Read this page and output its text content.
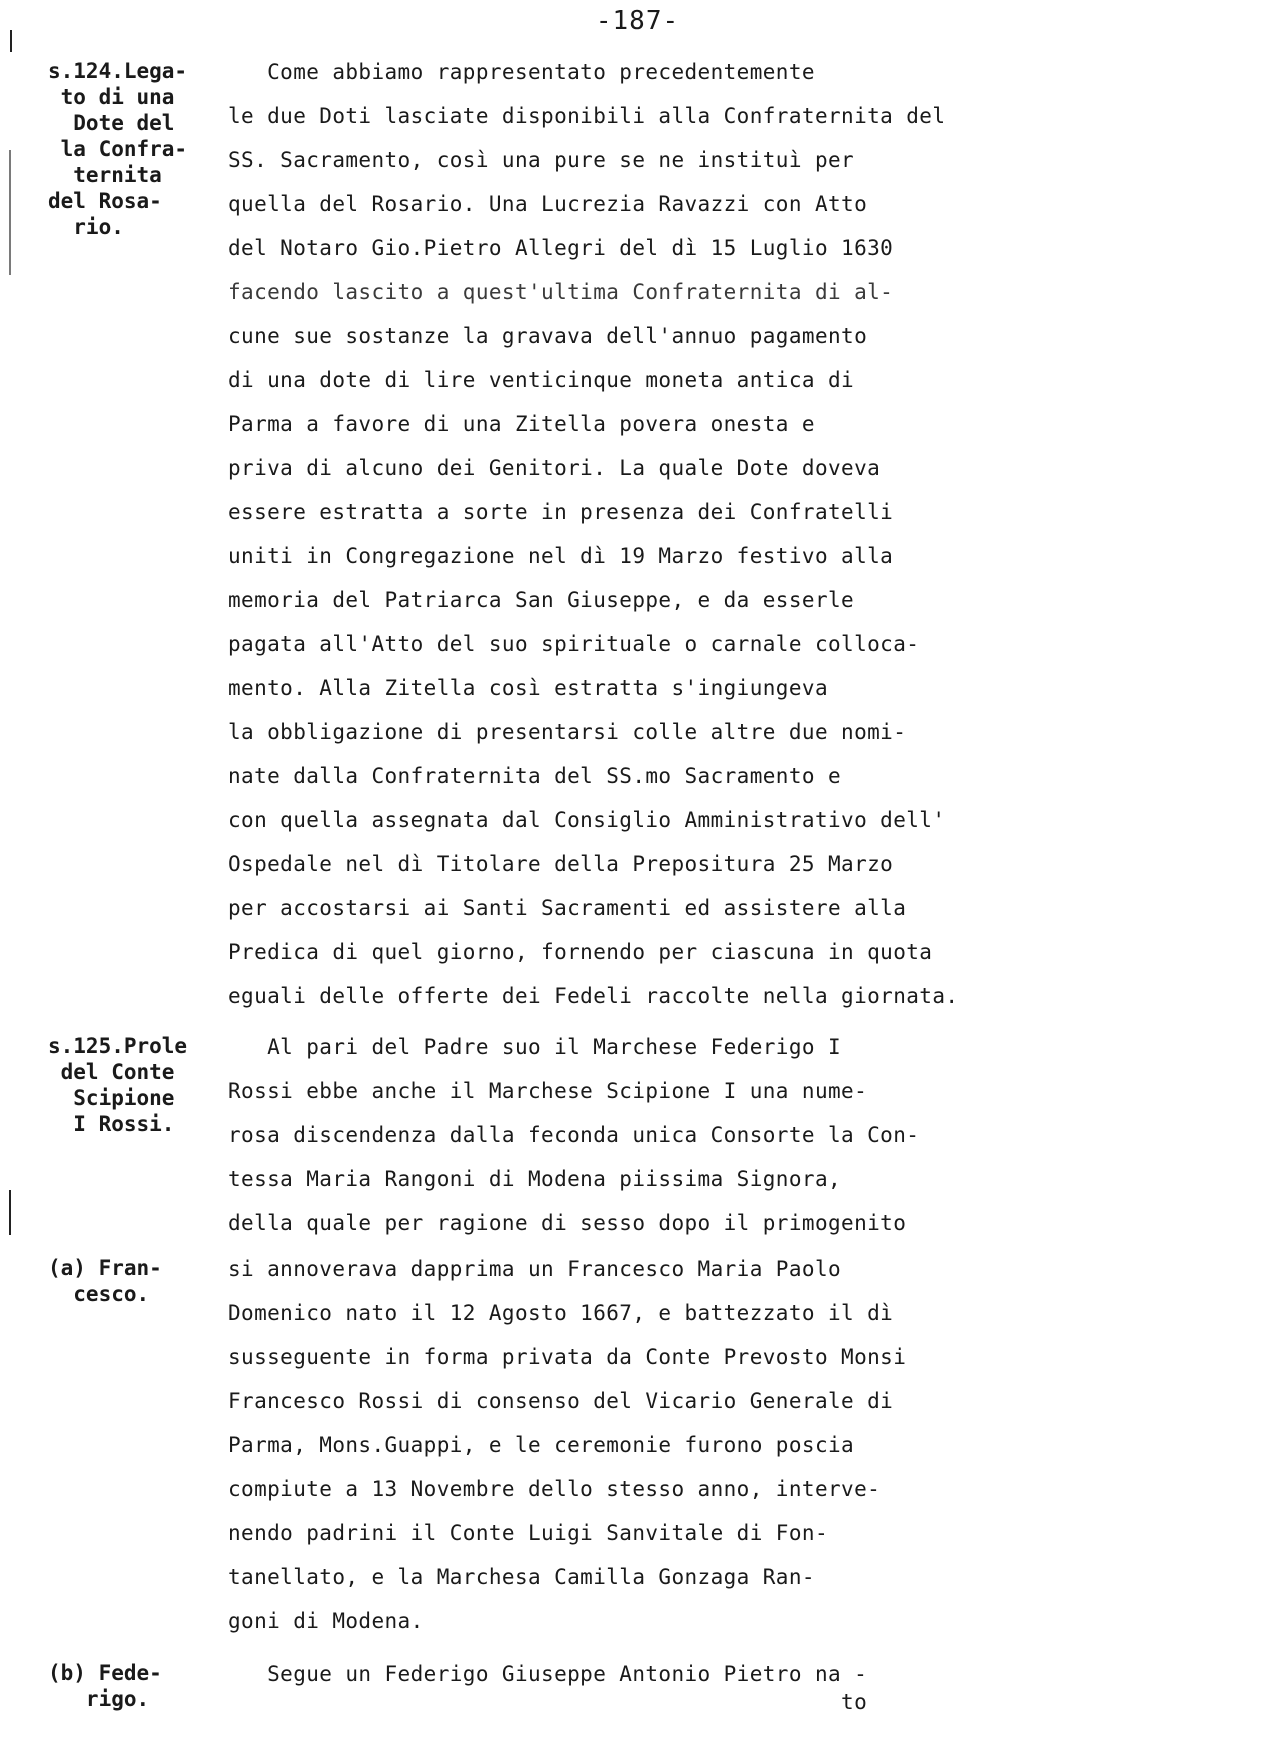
-187-
s.124.Lega-
to di una
Dote del
la Confra-
ternita
del Rosa-
rio.
s.125.Prole
del Conte
Scipione
I Rossi.
(a) Fran-
cesco.
(b) Fede-
rigo.
Come abbiamo rappresentato precedentemente
le due Doti lasciate disponibili alla Confraternita del
SS. Sacramento, così una pure se ne instituì per
quella del Rosario. Una Lucrezia Ravazzi con Atto
del Notaro Gio.Pietro Allegri del dì 15 Luglio 1630
facendo lascito a quest'ultima Confraternita di al-
cune sue sostanze la gravava dell'annuo pagamento
di una dote di lire venticinque moneta antica di
Parma a favore di una Zitella povera onesta e
priva di alcuno dei Genitori. La quale Dote doveva
essere estratta a sorte in presenza dei Confratelli
uniti in Congregazione nel dì 19 Marzo festivo alla
memoria del Patriarca San Giuseppe, e da esserle
pagata all'Atto del suo spirituale o carnale colloca-
mento. Alla Zitella così estratta s'ingiungeva
la obbligazione di presentarsi colle altre due nomi-
nate dalla Confraternita del SS.mo Sacramento e
con quella assegnata dal Consiglio Amministrativo dell'
Ospedale nel dì Titolare della Prepositura 25 Marzo
per accostarsi ai Santi Sacramenti ed assistere alla
Predica di quel giorno, fornendo per ciascuna in quota
eguali delle offerte dei Fedeli raccolte nella giornata.
Al pari del Padre suo il Marchese Federigo I
Rossi ebbe anche il Marchese Scipione I una nume-
rosa discendenza dalla feconda unica Consorte la Con-
tessa Maria Rangoni di Modena piissima Signora,
della quale per ragione di sesso dopo il primogenito
si annoverava dapprima un Francesco Maria Paolo
Domenico nato il 12 Agosto 1667, e battezzato il dì
susseguente in forma privata da Conte Prevosto Monsi
Francesco Rossi di consenso del Vicario Generale di
Parma, Mons.Guappi, e le ceremonie furono poscia
compiute a 13 Novembre dello stesso anno, interve-
nendo padrini il Conte Luigi Sanvitale di Fon-
tanellato, e la Marchesa Camilla Gonzaga Ran-
goni di Modena.
Segue un Federigo Giuseppe Antonio Pietro na -
to
